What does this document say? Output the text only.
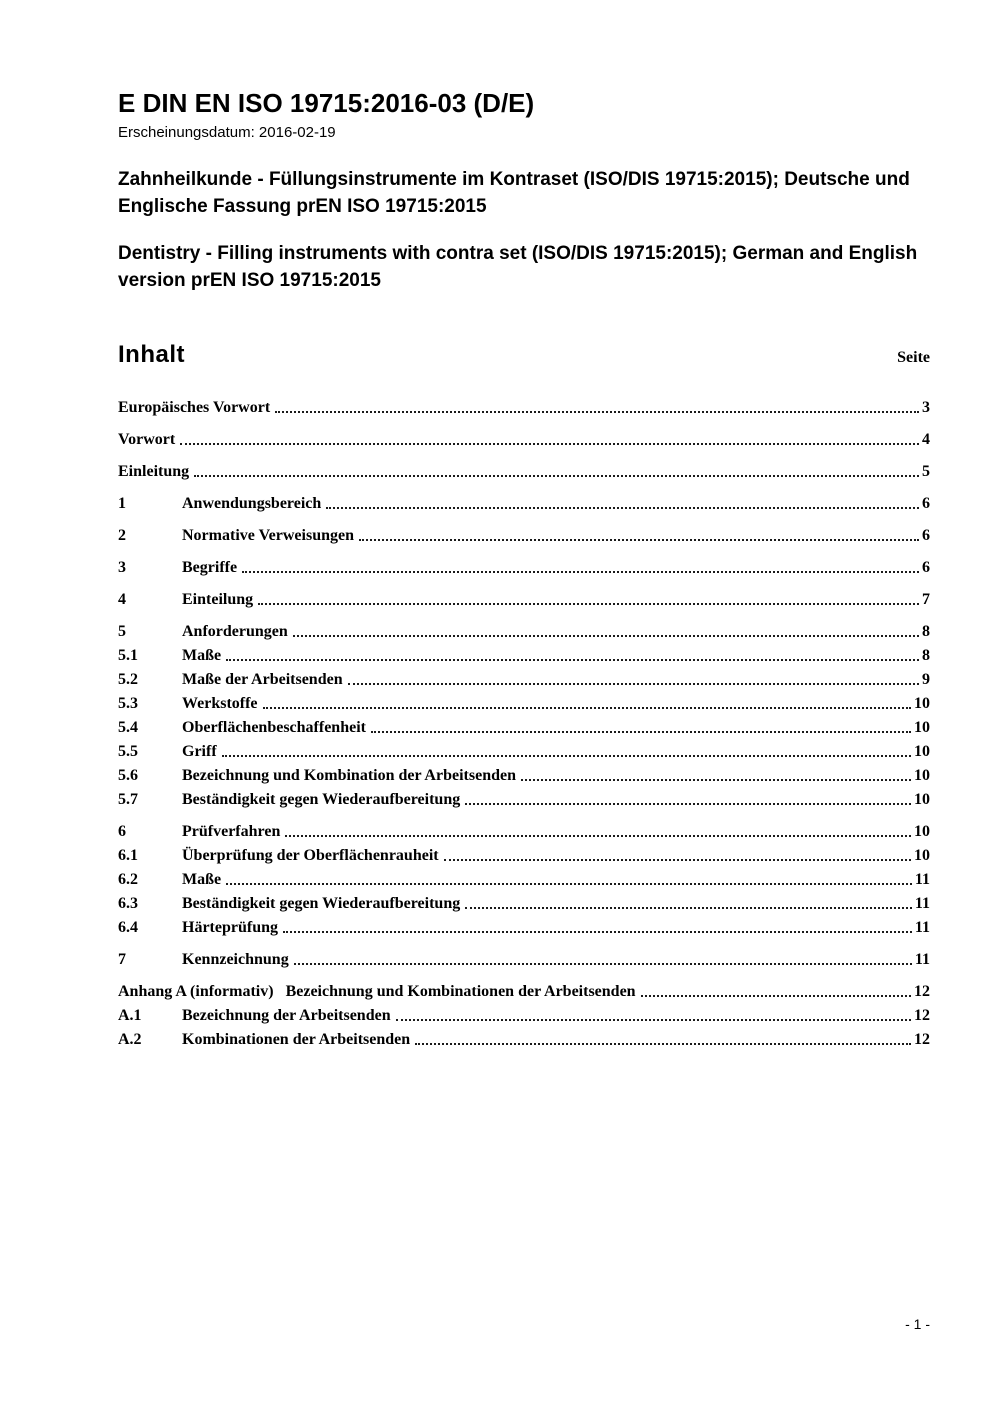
E DIN EN ISO 19715:2016-03 (D/E)
Erscheinungsdatum: 2016-02-19
Zahnheilkunde - Füllungsinstrumente im Kontraset (ISO/DIS 19715:2015); Deutsche und Englische Fassung prEN ISO 19715:2015
Dentistry - Filling instruments with contra set (ISO/DIS 19715:2015); German and English version prEN ISO 19715:2015
Inhalt	Seite
Europäisches Vorwort	3
Vorwort	4
Einleitung	5
1	Anwendungsbereich	6
2	Normative Verweisungen	6
3	Begriffe	6
4	Einteilung	7
5	Anforderungen	8
5.1	Maße	8
5.2	Maße der Arbeitsenden	9
5.3	Werkstoffe	10
5.4	Oberflächenbeschaffenheit	10
5.5	Griff	10
5.6	Bezeichnung und Kombination der Arbeitsenden	10
5.7	Beständigkeit gegen Wiederaufbereitung	10
6	Prüfverfahren	10
6.1	Überprüfung der Oberflächenrauheit	10
6.2	Maße	11
6.3	Beständigkeit gegen Wiederaufbereitung	11
6.4	Härteprüfung	11
7	Kennzeichnung	11
Anhang A (informativ) Bezeichnung und Kombinationen der Arbeitsenden	12
A.1	Bezeichnung der Arbeitsenden	12
A.2	Kombinationen der Arbeitsenden	12
- 1 -
